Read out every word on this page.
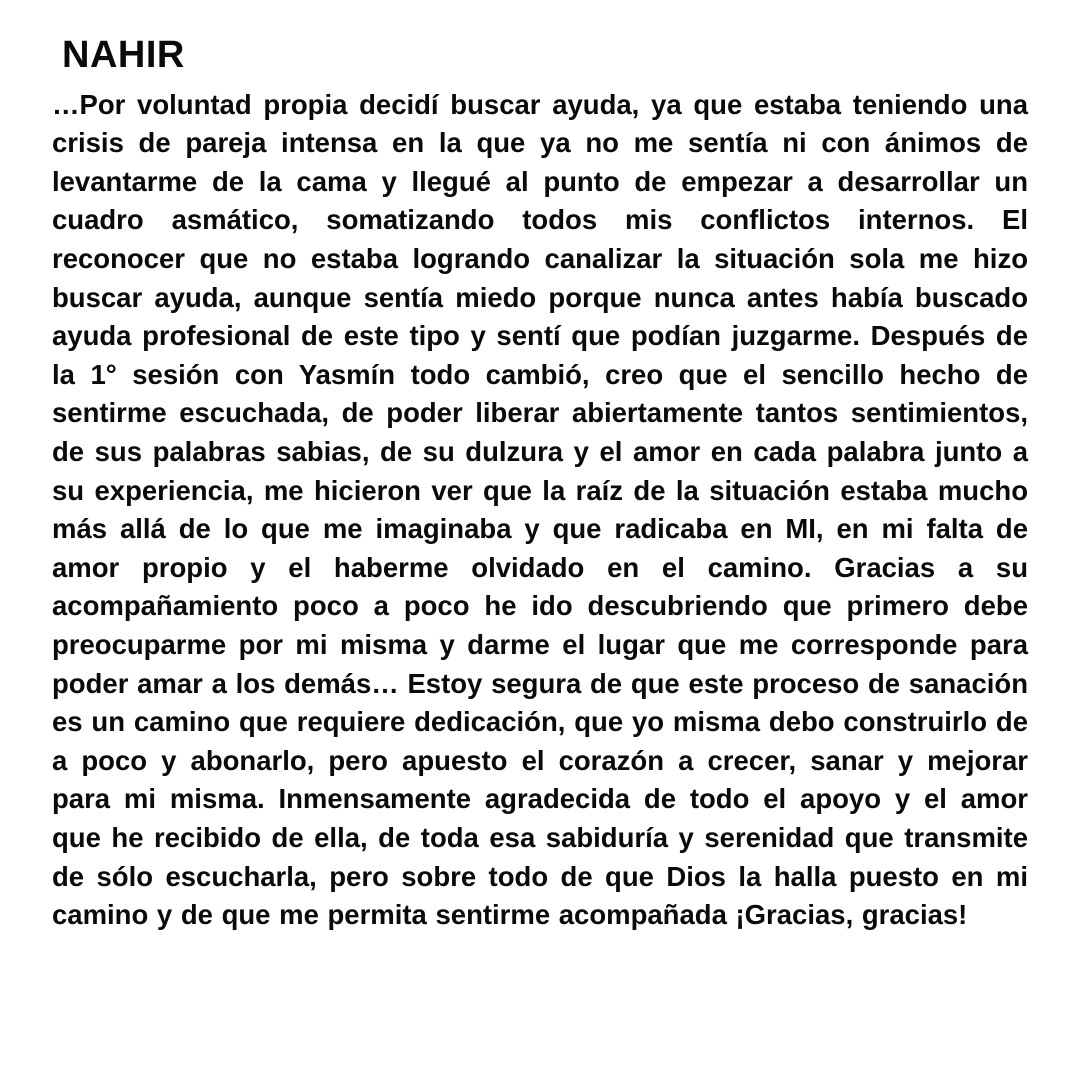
NAHIR

…Por voluntad propia decidí buscar ayuda, ya que estaba teniendo una crisis de pareja intensa en la que ya no me sentía ni con ánimos de levantarme de la cama y llegué al punto de empezar a desarrollar un cuadro asmático, somatizando todos mis conflictos internos. El reconocer que no estaba logrando canalizar la situación sola me hizo buscar ayuda, aunque sentía miedo porque nunca antes había buscado ayuda profesional de este tipo y sentí que podían juzgarme. Después de la 1° sesión con Yasmín todo cambió, creo que el sencillo hecho de sentirme escuchada, de poder liberar abiertamente tantos sentimientos, de sus palabras sabias, de su dulzura y el amor en cada palabra junto a su experiencia, me hicieron ver que la raíz de la situación estaba mucho más allá de lo que me imaginaba y que radicaba en MI, en mi falta de amor propio y el haberme olvidado en el camino. Gracias a su acompañamiento poco a poco he ido descubriendo que primero debe preocuparme por mi misma y darme el lugar que me corresponde para poder amar a los demás… Estoy segura de que este proceso de sanación es un camino que requiere dedicación, que yo misma debo construirlo de a poco y abonarlo, pero apuesto el corazón a crecer, sanar y mejorar para mi misma. Inmensamente agradecida de todo el apoyo y el amor que he recibido de ella, de toda esa sabiduría y serenidad que transmite de sólo escucharla, pero sobre todo de que Dios la halla puesto en mi camino y de que me permita sentirme acompañada ¡Gracias, gracias!
